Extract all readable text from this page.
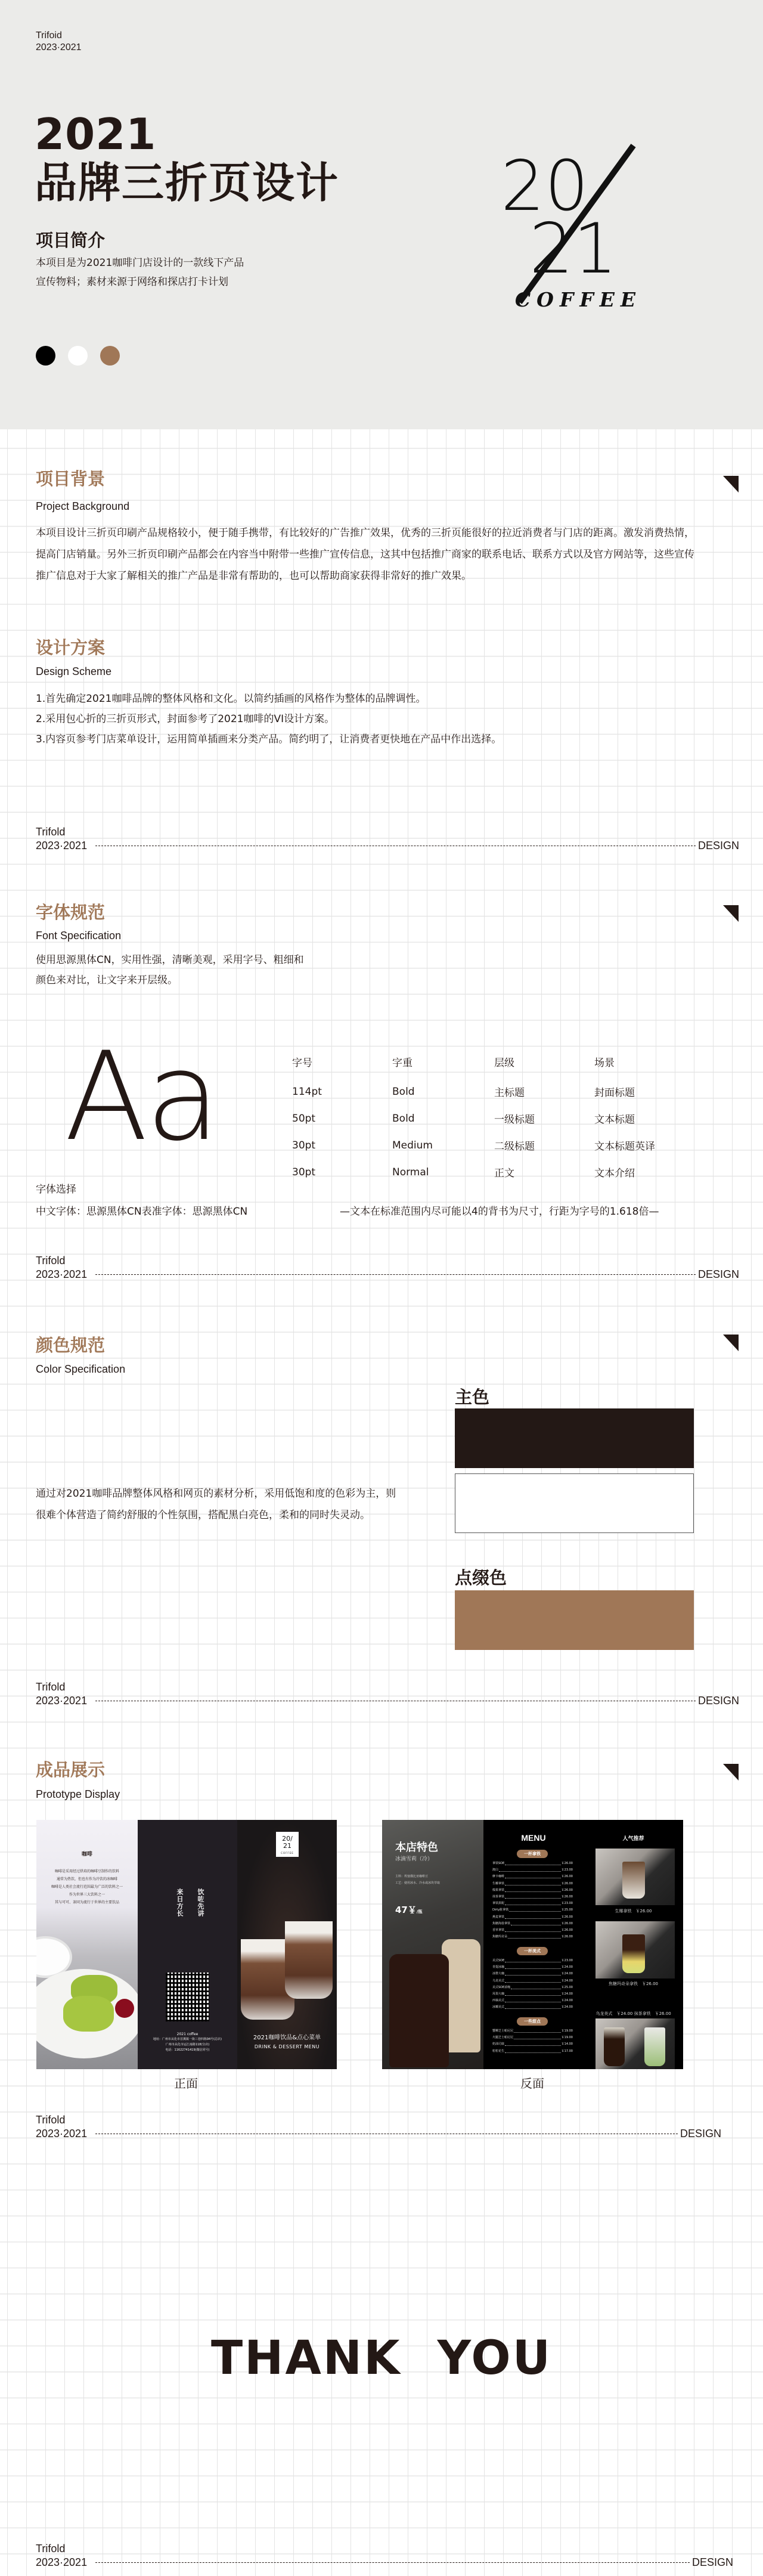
Trifoid
2023·2021
2021
品牌三折页设计
项目简介
本项目是为2021咖啡门店设计的一款线下产品宣传物料；素材来源于网络和探店打卡计划
20
21
COFFEE
项目背景
Project Background
本项目设计三折页印刷产品规格较小，便于随手携带，有比较好的广告推广效果，优秀的三折页能很好的拉近消费者与门店的距离。激发消费热情，提高门店销量。另外三折页印刷产品都会在内容当中附带一些推广宣传信息，这其中包括推广商家的联系电话、联系方式以及官方网站等，这些宣传推广信息对于大家了解相关的推广产品是非常有帮助的，也可以帮助商家获得非常好的推广效果。
设计方案
Design Scheme
1.首先确定2021咖啡品牌的整体风格和文化。以简约插画的风格作为整体的品牌调性。
2.采用包心折的三折页形式，封面参考了2021咖啡的VI设计方案。
3.内容页参考门店菜单设计，运用简单插画来分类产品。简约明了，让消费者更快地在产品中作出选择。
Trifold
2023·2021	DESIGN
字体规范
Font Specification
使用思源黑体CN，实用性强，清晰美观，采用字号、粗细和
颜色来对比，让文字来开层级。
Aa	字号	字重	层级	场景
114pt	Bold	主标题	封面标题
50pt	Bold	一级标题	文本标题
30pt	Medium	二级标题	文本标题英译
30pt	Normal	正文	文本介绍
字体选择
中文字体：思源黑体CN表准字体：思源黑体CN	—文本在标准范围内尽可能以4的背书为尺寸，行距为字号的1.618倍—
Trifold
2023·2021	DESIGN
颜色规范
Color Specification
通过对2021咖啡品牌整体风格和网页的素材分析，采用低饱和度的色彩为主，则很难个体营造了简约舒服的个性氛围，搭配黑白亮色，柔和的同时失灵动。
主色
点缀色
Trifold
2023·2021	DESIGN
成品展示
Prototype Display
咖啡
咖啡是采用经过烘培的咖啡豆制作的饮料
通常为热饮，但也有作为冷饮的冰咖啡
咖啡是人类社会流行范围最为广泛的饮料之一
作为世界三大饮料之一
其与可可、茶同为流行于世界的主要饮品	来日方长 饮咗先讲
2021 coffee
地址：广州市从化市首溪镇一街三巷四栋94号(总店)
广州市从化市运江南路118(分店)
电话：11622741419(微信同号)
20/
21
COFFEE
2021咖啡饮品&点心菜单
DRINK & DESSERT MENU
正面
本店特色
冰滴雪莉（冷）
主料：埃塞俄比亚咖啡豆
工艺：使用冰水、冷水或冰块萃取
47￥/瓶
MENU
一杯拿铁
一杯美式
一些甜点
拿铁SOE	￥26.00
澳白	￥23.00
摩卡咖啡	￥26.00
生椰拿铁	￥26.00
榛果拿铁	￥26.00
抹茶拿铁	￥26.00
拿铁拼配	￥23.00
Dirty脏拿铁	￥25.00
燕麦拿铁	￥26.00
焦糖海盐拿铁	￥26.00
香草拿铁	￥26.00
焦糖玛奇朵	￥26.00
美式SOE	￥23.00
青提冰咖	￥24.00
冰橙大咖	￥24.00
乌龙美式	￥24.00
美式SOE浓缩	￥25.00
凤梨大咖	￥24.00
西柚美式	￥24.00
冰椰美式	￥24.00
蟹柳芝士帕尼尼	￥19.00
火腿芝士帕尼尼	￥19.00
奶油司康	￥14.00
粒粒花生	￥17.00
人气推荐
生椰拿铁　￥26.00
焦糖玛奇朵拿铁　￥26.00
乌龙美式　￥24.00 抹茶拿铁　￥26.00
反面
Trifold
2023·2021	DESIGN
THANK YOU
Trifold
2023·2021	DESIGN
